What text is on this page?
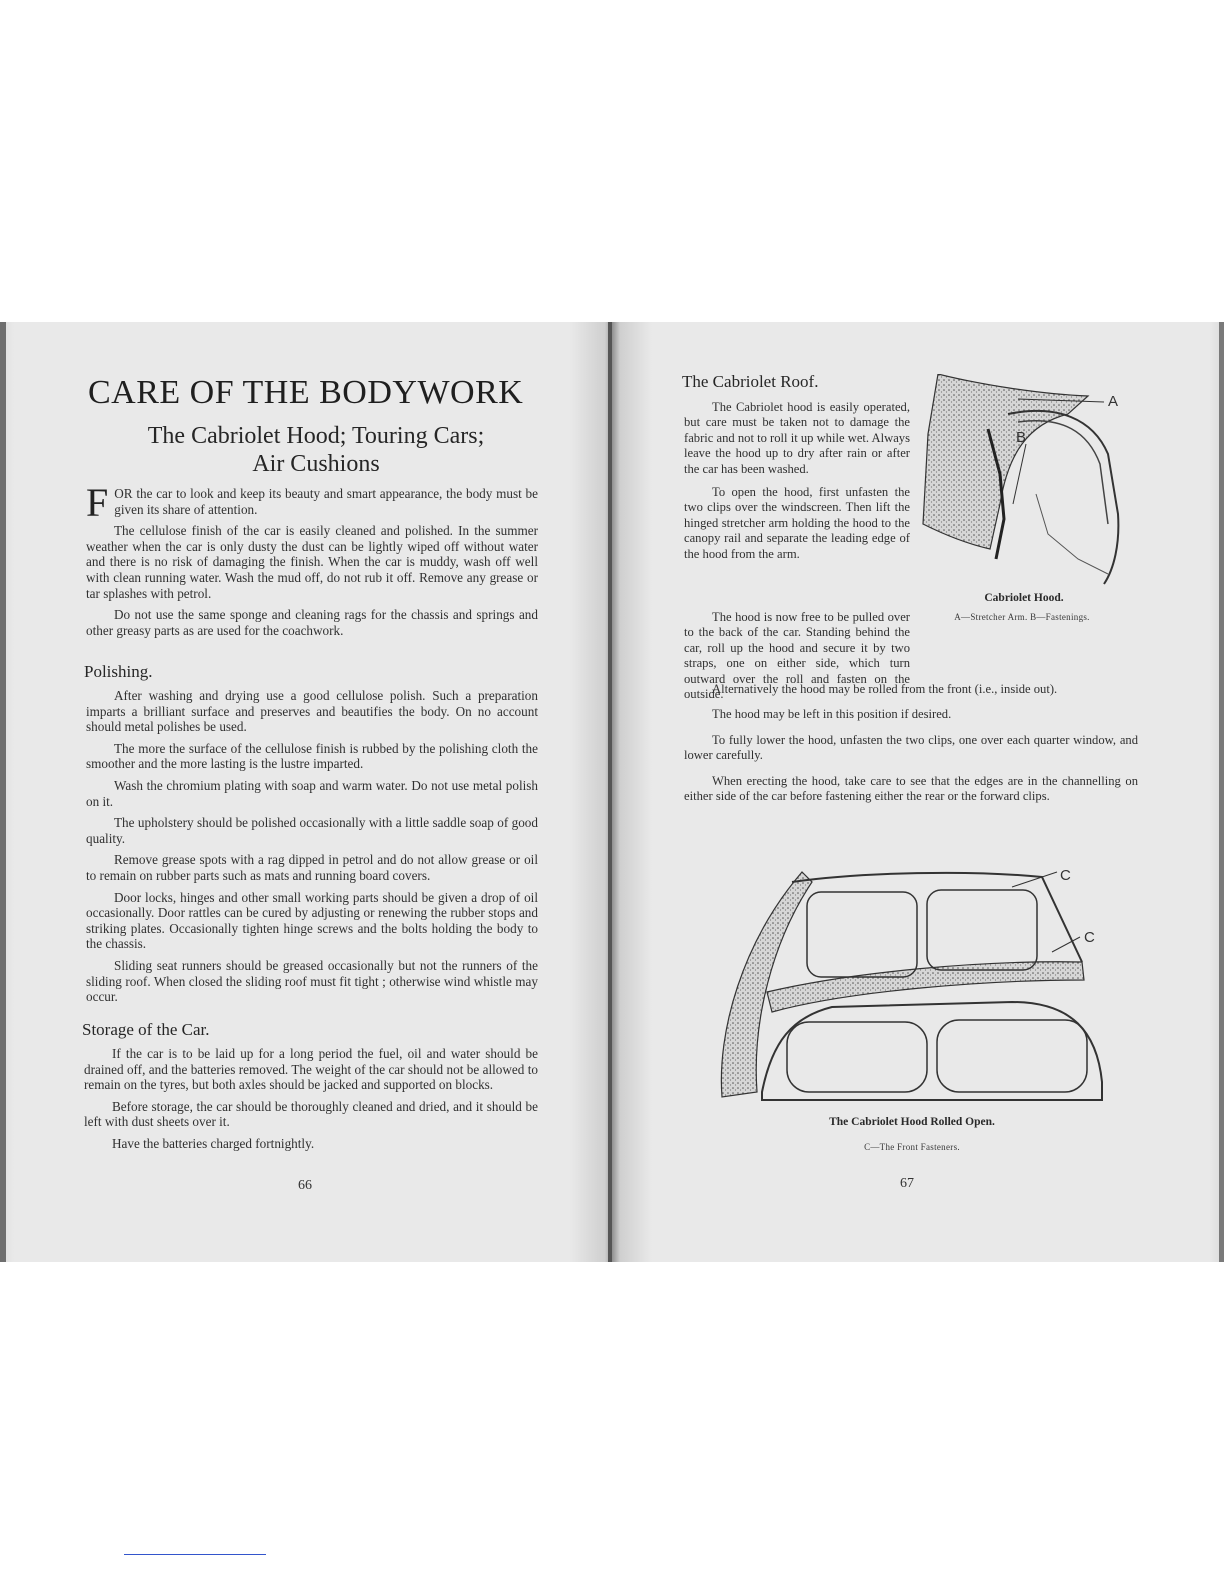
CARE OF THE BODYWORK
The Cabriolet Hood; Touring Cars;
Air Cushions

FOR the car to look and keep its beauty and smart appearance, the body must be given its share of attention.

The cellulose finish of the car is easily cleaned and polished. In the summer weather when the car is only dusty the dust can be lightly wiped off without water and there is no risk of damaging the finish. When the car is muddy, wash off well with clean running water. Wash the mud off, do not rub it off. Remove any grease or tar splashes with petrol.

Do not use the same sponge and cleaning rags for the chassis and springs and other greasy parts as are used for the coachwork.

Polishing.

After washing and drying use a good cellulose polish. Such a preparation imparts a brilliant surface and preserves and beautifies the body. On no account should metal polishes be used.

The more the surface of the cellulose finish is rubbed by the polishing cloth the smoother and the more lasting is the lustre imparted.

Wash the chromium plating with soap and warm water. Do not use metal polish on it.

The upholstery should be polished occasionally with a little saddle soap of good quality.

Remove grease spots with a rag dipped in petrol and do not allow grease or oil to remain on rubber parts such as mats and running board covers.

Door locks, hinges and other small working parts should be given a drop of oil occasionally. Door rattles can be cured by adjusting or renewing the rubber stops and striking plates. Occasionally tighten hinge screws and the bolts holding the body to the chassis.

Sliding seat runners should be greased occasionally but not the runners of the sliding roof. When closed the sliding roof must fit tight ; otherwise wind whistle may occur.

Storage of the Car.

If the car is to be laid up for a long period the fuel, oil and water should be drained off, and the batteries removed. The weight of the car should not be allowed to remain on the tyres, but both axles should be jacked and supported on blocks.

Before storage, the car should be thoroughly cleaned and dried, and it should be left with dust sheets over it.

Have the batteries charged fortnightly.

66
The Cabriolet Roof.

The Cabriolet hood is easily operated, but care must be taken not to damage the fabric and not to roll it up while wet. Always leave the hood up to dry after rain or after the car has been washed.

To open the hood, first unfasten the two clips over the windscreen. Then lift the hinged stretcher arm holding the hood to the canopy rail and separate the leading edge of the hood from the arm.

A
B
Cabriolet Hood.
A—Stretcher Arm. B—Fastenings.

The hood is now free to be pulled over to the back of the car. Standing behind the car, roll up the hood and secure it by two straps, one on either side, which turn outward over the roll and fasten on the outside.

Alternatively the hood may be rolled from the front (i.e., inside out).

The hood may be left in this position if desired.

To fully lower the hood, unfasten the two clips, one over each quarter window, and lower carefully.

When erecting the hood, take care to see that the edges are in the channelling on either side of the car before fastening either the rear or the forward clips.

C
C
The Cabriolet Hood Rolled Open.
C—The Front Fasteners.
67
